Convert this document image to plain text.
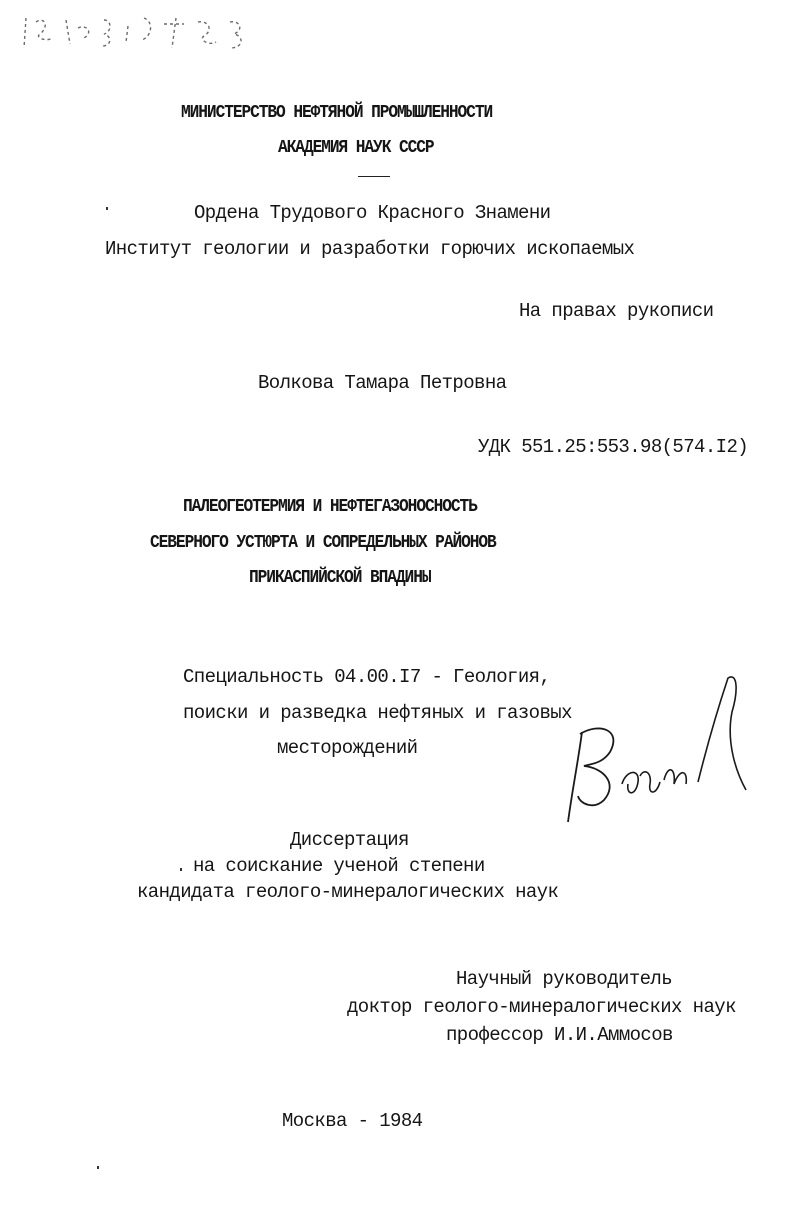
МИНИСТЕРСТВО НЕФТЯНОЙ ПРОМЫШЛЕННОСТИ
АКАДЕМИЯ НАУК СССР
Ордена Трудового Красного Знамени
Институт геологии и разработки горючих ископаемых
На правах рукописи
Волкова Тамара Петровна
УДК 551.25:553.98(574.I2)
ПАЛЕОГЕОТЕРМИЯ И НЕФТЕГАЗОНОСНОСТЬ
СЕВЕРНОГО УСТЮРТА И СОПРЕДЕЛЬНЫХ РАЙОНОВ
ПРИКАСПИЙСКОЙ ВПАДИНЫ
Специальность 04.00.I7 - Геология,
поиски и разведка нефтяных и газовых
месторождений
Диссертация
на соискание ученой степени
кандидата геолого-минералогических наук
Научный руководитель
доктор геолого-минералогических наук
профессор И.И.Аммосов
Москва - 1984
